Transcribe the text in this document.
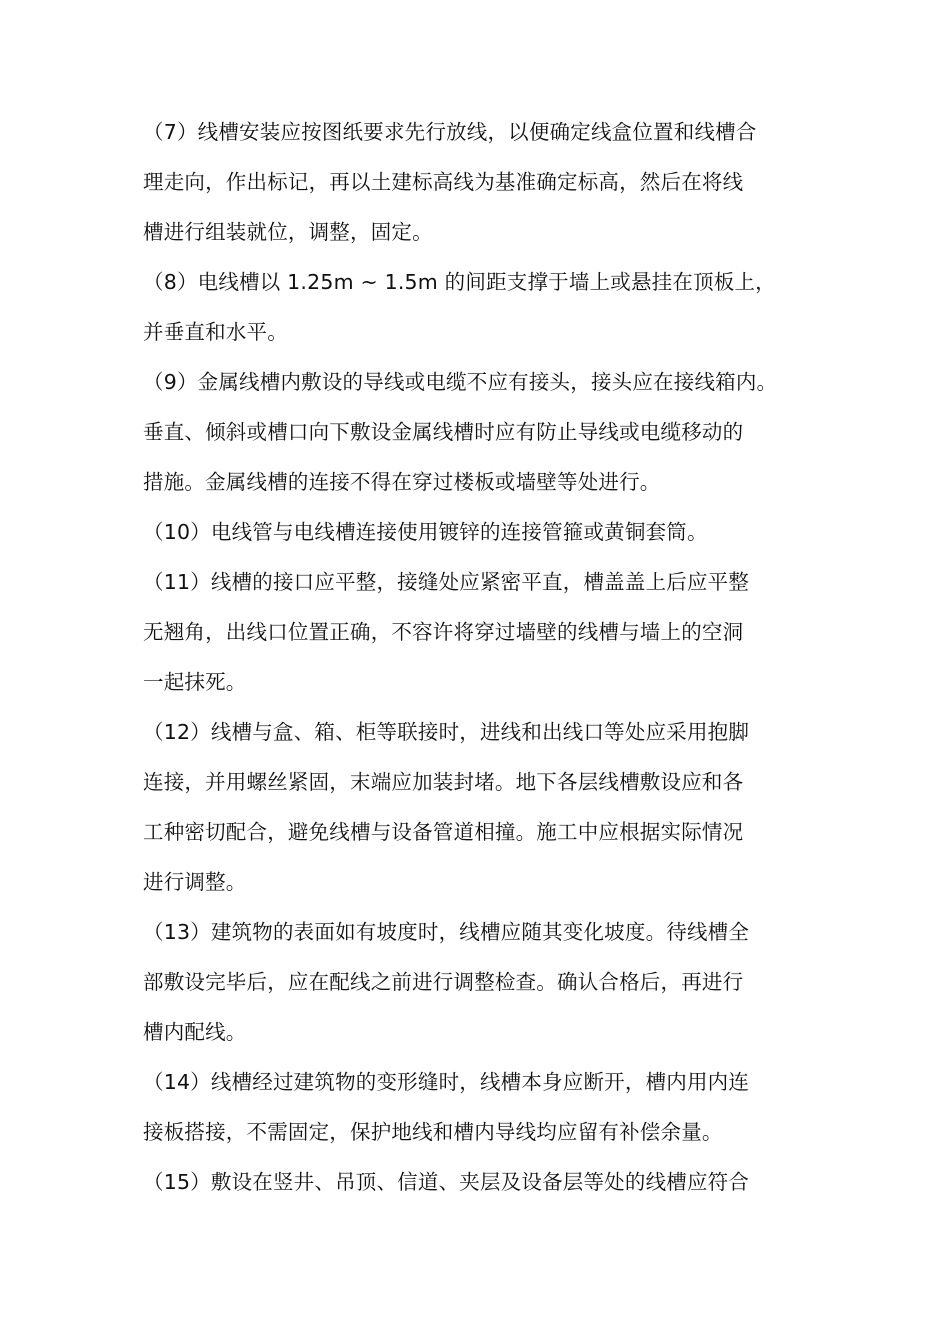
（7）线槽安装应按图纸要求先行放线，以便确定线盒位置和线槽合
理走向，作出标记，再以土建标高线为基准确定标高，然后在将线
槽进行组装就位，调整，固定。
（8）电线槽以 1.25m ~ 1.5m 的间距支撑于墙上或悬挂在顶板上，
并垂直和水平。
（9）金属线槽内敷设的导线或电缆不应有接头，接头应在接线箱内。
垂直、倾斜或槽口向下敷设金属线槽时应有防止导线或电缆移动的
措施。金属线槽的连接不得在穿过楼板或墙壁等处进行。
（10）电线管与电线槽连接使用镀锌的连接管箍或黄铜套筒。
（11）线槽的接口应平整，接缝处应紧密平直，槽盖盖上后应平整
无翘角，出线口位置正确，不容许将穿过墙壁的线槽与墙上的空洞
一起抹死。
（12）线槽与盒、箱、柜等联接时，进线和出线口等处应采用抱脚
连接，并用螺丝紧固，末端应加装封堵。地下各层线槽敷设应和各
工种密切配合，避免线槽与设备管道相撞。施工中应根据实际情况
进行调整。
（13）建筑物的表面如有坡度时，线槽应随其变化坡度。待线槽全
部敷设完毕后，应在配线之前进行调整检查。确认合格后，再进行
槽内配线。
（14）线槽经过建筑物的变形缝时，线槽本身应断开，槽内用内连
接板搭接，不需固定，保护地线和槽内导线均应留有补偿余量。
（15）敷设在竖井、吊顶、信道、夹层及设备层等处的线槽应符合
